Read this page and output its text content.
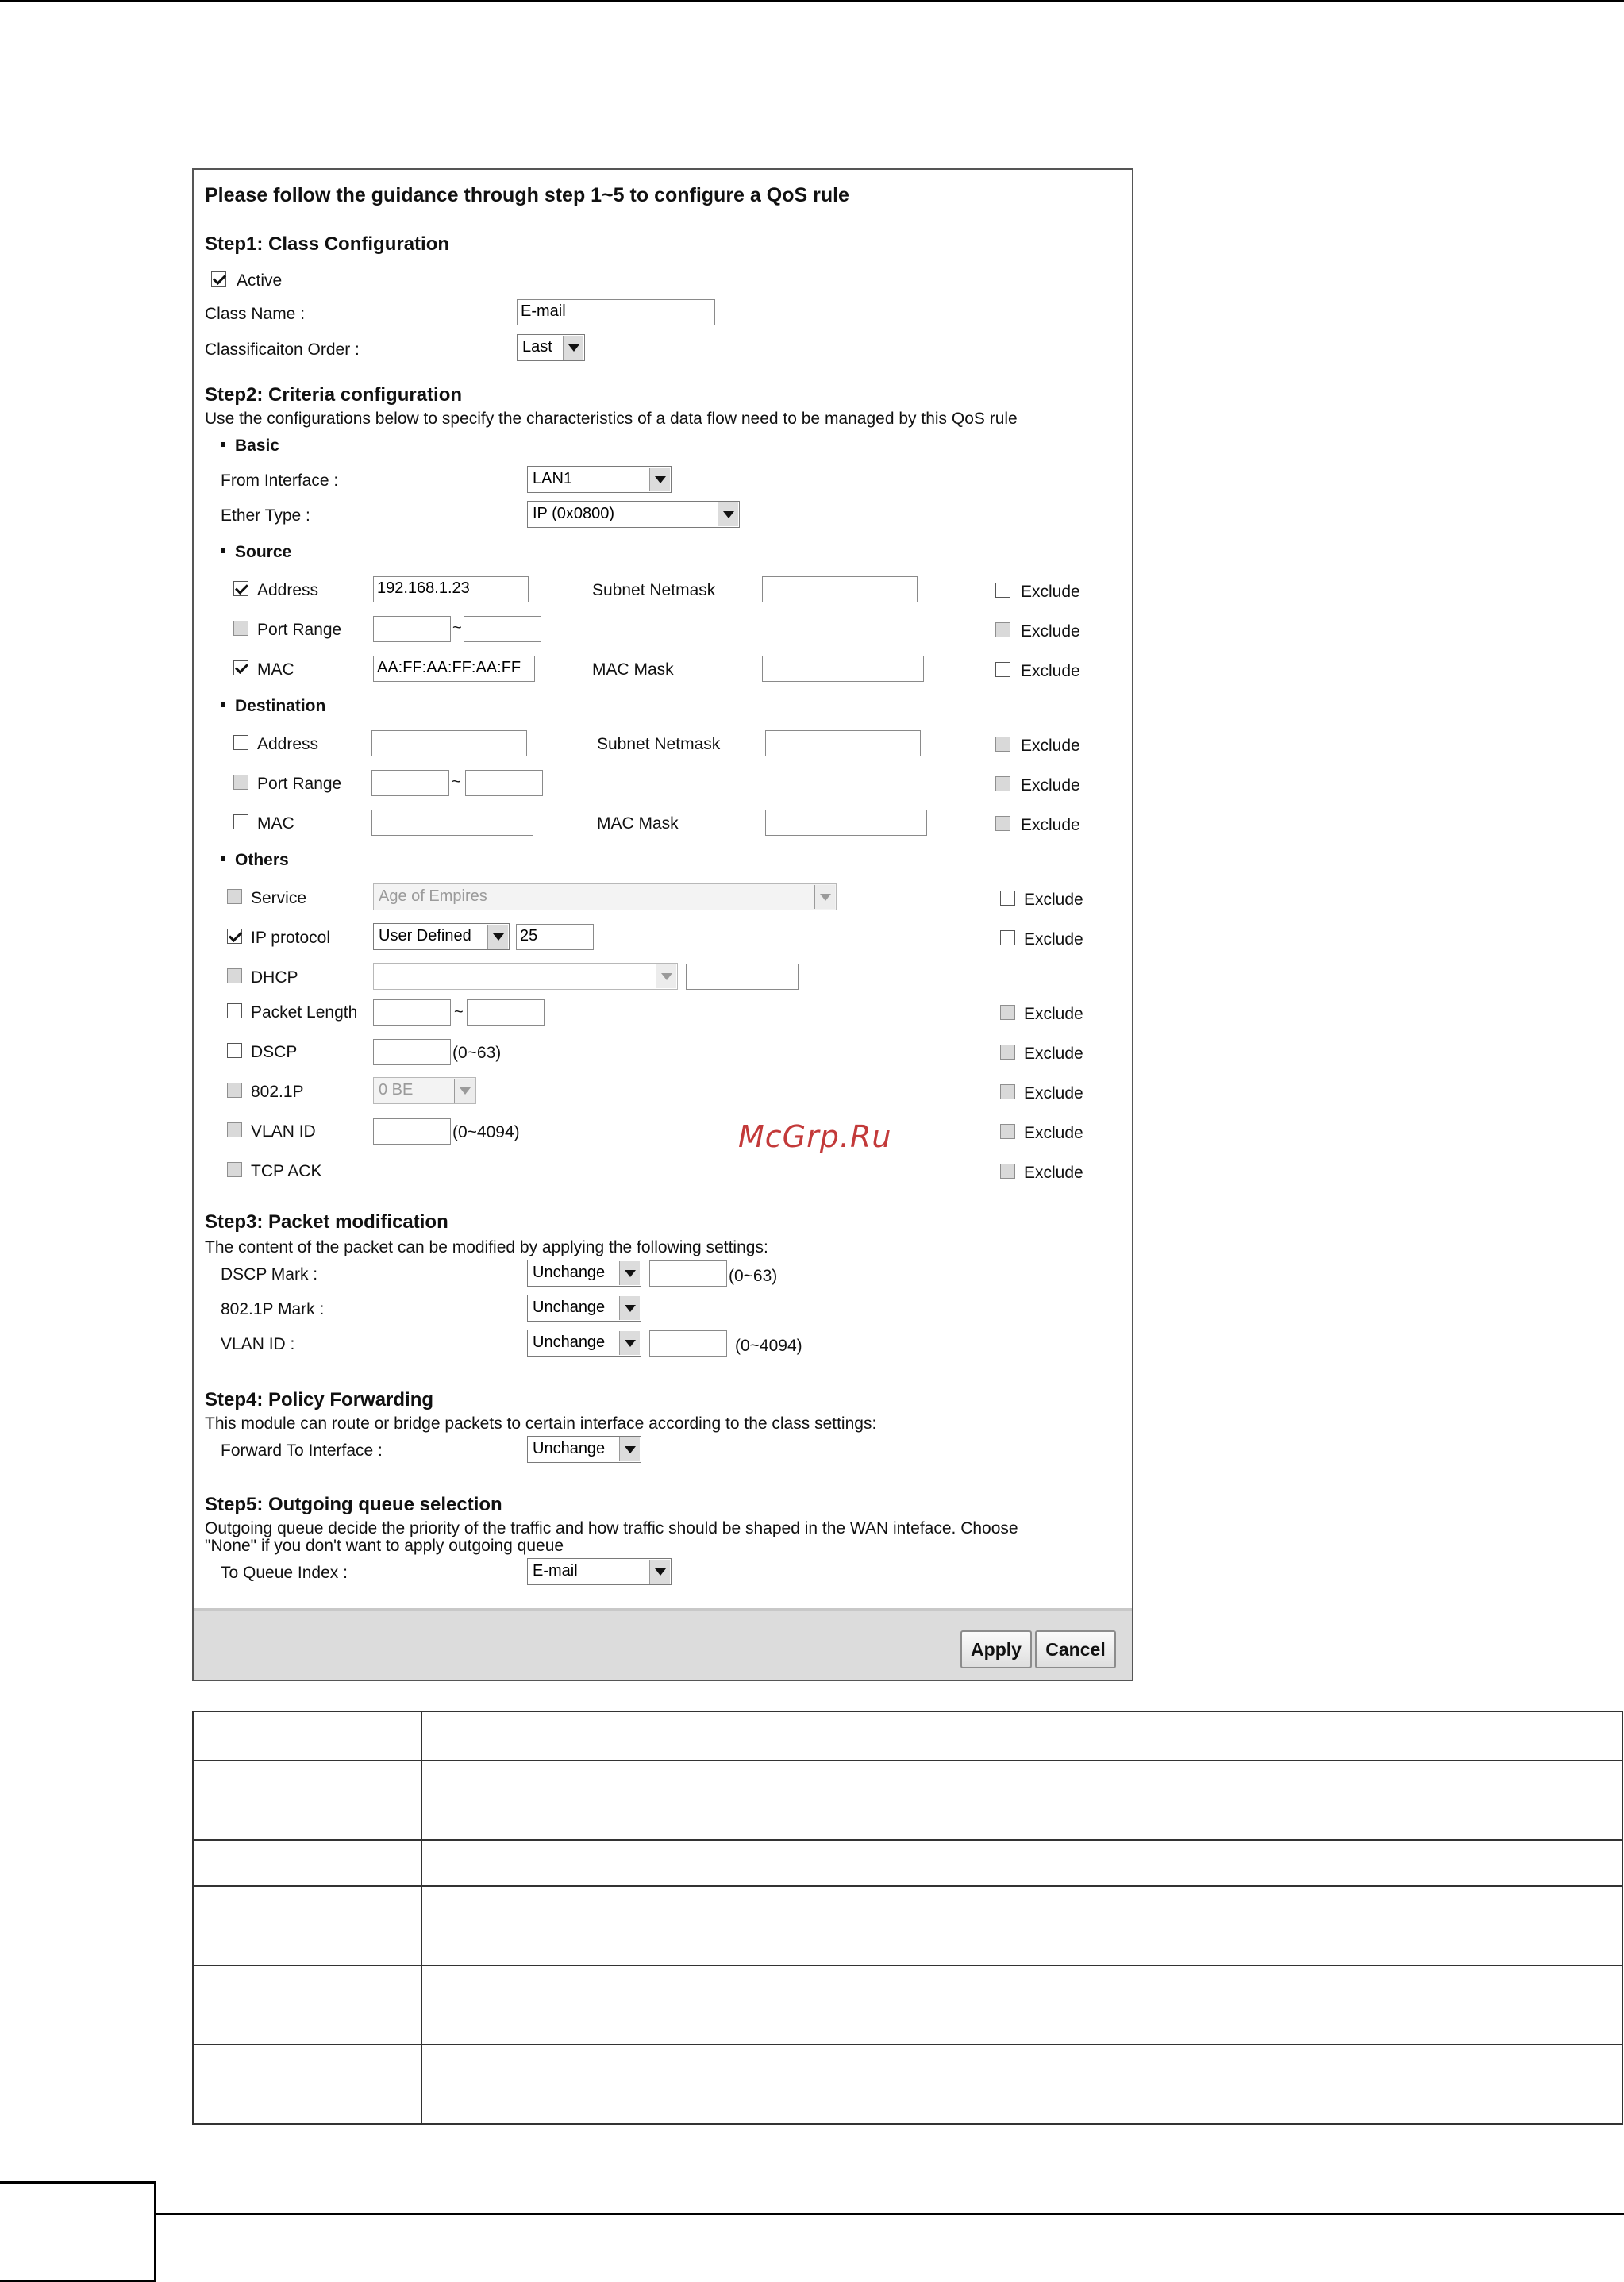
Please follow the guidance through step 1~5 to configure a QoS rule
Step1: Class Configuration
Active
Class Name :	E-mail
Classificaiton Order :	Last
Step2: Criteria configuration
Use the configurations below to specify the characteristics of a data flow need to be managed by this QoS rule
Basic
From Interface :	LAN1
Ether Type :	IP (0x0800)
Source
Address	192.168.1.23	Subnet Netmask	Exclude
Port Range	~	Exclude
MAC	AA:FF:AA:FF:AA:FF	MAC Mask	Exclude
Destination
Address	Subnet Netmask	Exclude
Port Range	~	Exclude
MAC	MAC Mask	Exclude
Others
Service	Age of Empires	Exclude
IP protocol	User Defined	25	Exclude
DHCP
Packet Length	~	Exclude
DSCP	(0~63)	Exclude
802.1P	0 BE	Exclude
VLAN ID	(0~4094)	Exclude
TCP ACK	Exclude
Step3: Packet modification
The content of the packet can be modified by applying the following settings:
DSCP Mark :	Unchange	(0~63)
802.1P Mark :	Unchange
VLAN ID :	Unchange	(0~4094)
Step4: Policy Forwarding
This module can route or bridge packets to certain interface according to the class settings:
Forward To Interface :	Unchange
Step5: Outgoing queue selection
Outgoing queue decide the priority of the traffic and how traffic should be shaped in the WAN inteface. Choose
"None" if you don't want to apply outgoing queue
To Queue Index :	E-mail
Apply	Cancel
McGrp.Ru
